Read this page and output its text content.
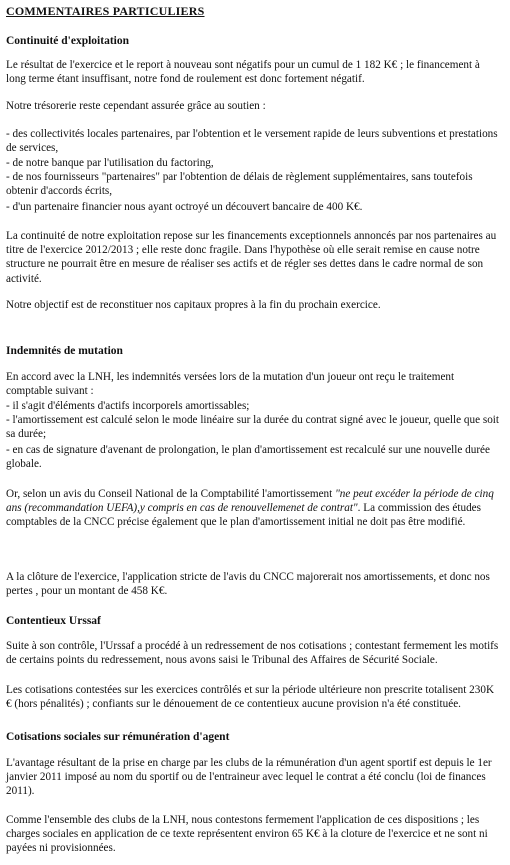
COMMENTAIRES PARTICULIERS
Continuité d'exploitation

Le résultat de l'exercice et le report à nouveau sont négatifs pour un cumul de 1 182 K€ ; le financement à long terme étant insuffisant, notre fond de roulement est donc fortement négatif.

Notre trésorerie reste cependant assurée grâce au soutien :

- des collectivités locales partenaires, par l'obtention et le versement rapide de leurs subventions et prestations de services,

- de notre banque par l'utilisation du factoring,

- de nos fournisseurs "partenaires" par l'obtention de délais de règlement supplémentaires, sans toutefois obtenir d'accords écrits,

- d'un partenaire financier nous ayant octroyé un découvert bancaire de 400 K€.

La continuité de notre exploitation repose sur les financements exceptionnels annoncés par nos partenaires au titre de l'exercice 2012/2013 ; elle reste donc fragile. Dans l'hypothèse où elle serait remise en cause notre structure ne pourrait être en mesure de réaliser ses actifs et de régler ses dettes dans le cadre normal de son activité.

Notre objectif est de reconstituer nos capitaux propres à la fin du prochain exercice.

Indemnités de mutation

En accord avec la LNH, les indemnités versées lors de la mutation d'un joueur ont reçu le traitement comptable suivant :

- il s'agit d'éléments d'actifs incorporels amortissables;

- l'amortissement est calculé selon le mode linéaire sur la durée du contrat signé avec le joueur, quelle que soit sa durée;

- en cas de signature d'avenant de prolongation, le plan d'amortissement est recalculé sur une nouvelle durée globale.

Or, selon un avis du Conseil National de la Comptabilité l'amortissement "ne peut excéder la période de cinq ans (recommandation UEFA),y compris en cas de renouvellemenet de contrat". La commission des études comptables de la CNCC précise également que le plan d'amortissement initial ne doit pas être modifié.

A la clôture de l'exercice, l'application stricte de l'avis du CNCC majorerait nos amortissements, et donc nos pertes , pour un montant de 458 K€.

Contentieux Urssaf

Suite à son contrôle, l'Urssaf a procédé à un redressement de nos cotisations ; contestant fermement les motifs de certains points du redressement, nous avons saisi le Tribunal des Affaires de Sécurité Sociale.

Les cotisations contestées sur les exercices contrôlés et sur la période ultérieure non prescrite totalisent 230K € (hors pénalités) ; confiants sur le dénouement de ce contentieux aucune provision n'a été constituée.

Cotisations sociales sur rémunération d'agent

L'avantage résultant de la prise en charge par les clubs de la rémunération d'un agent sportif est depuis le 1er janvier 2011 imposé au nom du sportif ou de l'entraineur avec lequel le contrat a été conclu (loi de finances 2011).

Comme l'ensemble des clubs de la LNH, nous contestons fermement l'application de ces dispositions ; les charges sociales en application de ce texte représentent environ 65 K€ à la cloture de l'exercice et ne sont ni payées ni provisionnées.
